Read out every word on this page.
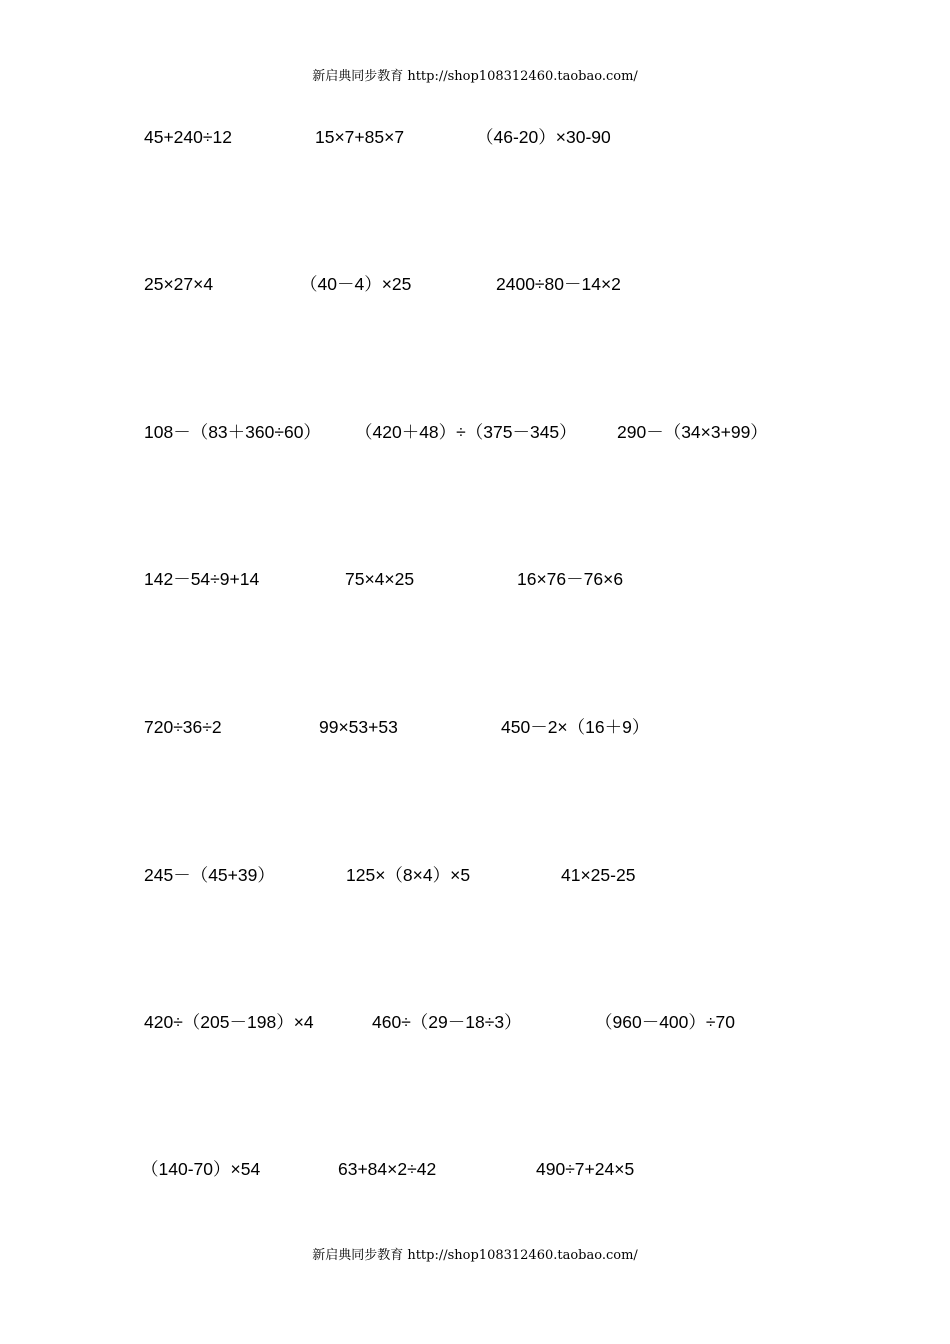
新启典同步教育 http://shop108312460.taobao.com/
45+240÷12	15×7+85×7	（46-20）×30-90
25×27×4	（40－4）×25	2400÷80－14×2
108－（83＋360÷60） （420＋48）÷（375－345） 290－（34×3+99）
142－54÷9+14	75×4×25	16×76－76×6
720÷36÷2	99×53+53	450－2×（16＋9）
245－（45+39）	125×（8×4）×5	41×25-25
420÷（205－198）×4	460÷（29－18÷3）	（960－400）÷70
（140-70）×54	63+84×2÷42	490÷7+24×5
新启典同步教育 http://shop108312460.taobao.com/
